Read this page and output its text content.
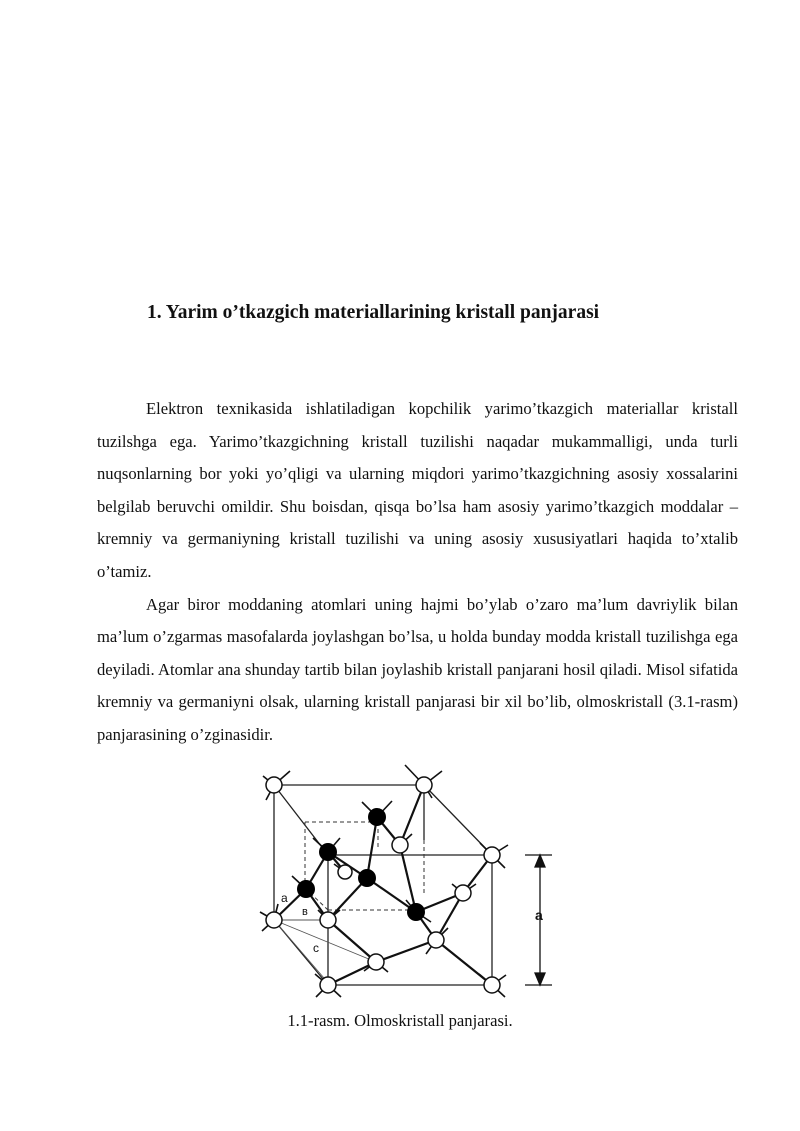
1. Yarim o’tkazgich materiallarining kristall panjarasi

Elektron texnikasida ishlatiladigan kopchilik yarimo’tkazgich materiallar kristall tuzilshga ega. Yarimo’tkazgichning kristall tuzilishi naqadar mukammalligi, unda turli nuqsonlarning bor yoki yo’qligi va ularning miqdori yarimo’tkazgichning asosiy xossalarini belgilab beruvchi omildir. Shu boisdan, qisqa bo’lsa ham asosiy yarimo’tkazgich moddalar – kremniy va germaniyning kristall tuzilishi va uning asosiy xususiyatlari haqida to’xtalib o’tamiz.

Agar biror moddaning atomlari uning hajmi bo’ylab o’zaro ma’lum davriylik bilan ma’lum o’zgarmas masofalarda joylashgan bo’lsa, u holda bunday modda kristall tuzilishga ega deyiladi. Atomlar ana shunday tartib bilan joylashib kristall panjarani hosil qiladi. Misol sifatida kremniy va germaniyni olsak, ularning kristall panjarasi bir xil bo’lib, olmoskristall (3.1-rasm) panjarasining o’zginasidir.

a
в
c
a

1.1-rasm. Olmoskristall panjarasi.
